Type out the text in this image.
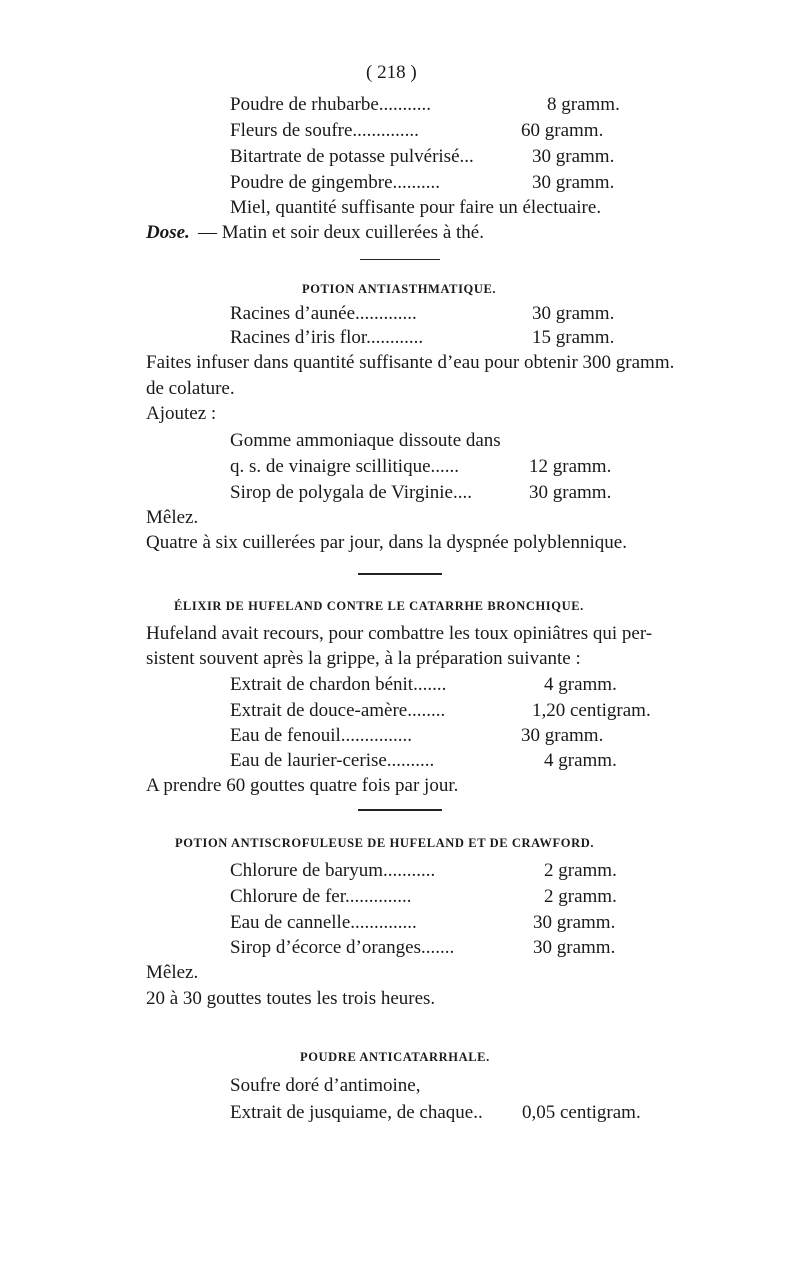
( 218 )
Poudre de rhubarbe...........	8 gramm.
Fleurs de soufre..............	60 gramm.
Bitartrate de potasse pulvérisé...	30 gramm.
Poudre de gingembre..........	30 gramm.
Miel, quantité suffisante pour faire un électuaire.
Dose. — Matin et soir deux cuillerées à thé.
POTION ANTIASTHMATIQUE.
Racines d’aunée.............	30 gramm.
Racines d’iris flor............	15 gramm.
Faites infuser dans quantité suffisante d’eau pour obtenir 300 gramm.
de colature.
Ajoutez :
Gomme ammoniaque dissoute dans
q. s. de vinaigre scillitique......	12 gramm.
Sirop de polygala de Virginie....	30 gramm.
Mêlez.
Quatre à six cuillerées par jour, dans la dyspnée polyblennique.
ÉLIXIR DE HUFELAND CONTRE LE CATARRHE BRONCHIQUE.
Hufeland avait recours, pour combattre les toux opiniâtres qui per-
sistent souvent après la grippe, à la préparation suivante :
Extrait de chardon bénit.......	4 gramm.
Extrait de douce-amère........	1,20 centigram.
Eau de fenouil...............	30 gramm.
Eau de laurier-cerise..........	4 gramm.
A prendre 60 gouttes quatre fois par jour.
POTION ANTISCROFULEUSE DE HUFELAND ET DE CRAWFORD.
Chlorure de baryum...........	2 gramm.
Chlorure de fer..............	2 gramm.
Eau de cannelle..............	30 gramm.
Sirop d’écorce d’oranges.......	30 gramm.
Mêlez.
20 à 30 gouttes toutes les trois heures.
POUDRE ANTICATARRHALE.
Soufre doré d’antimoine,
Extrait de jusquiame, de chaque.. 0,05 centigram.
